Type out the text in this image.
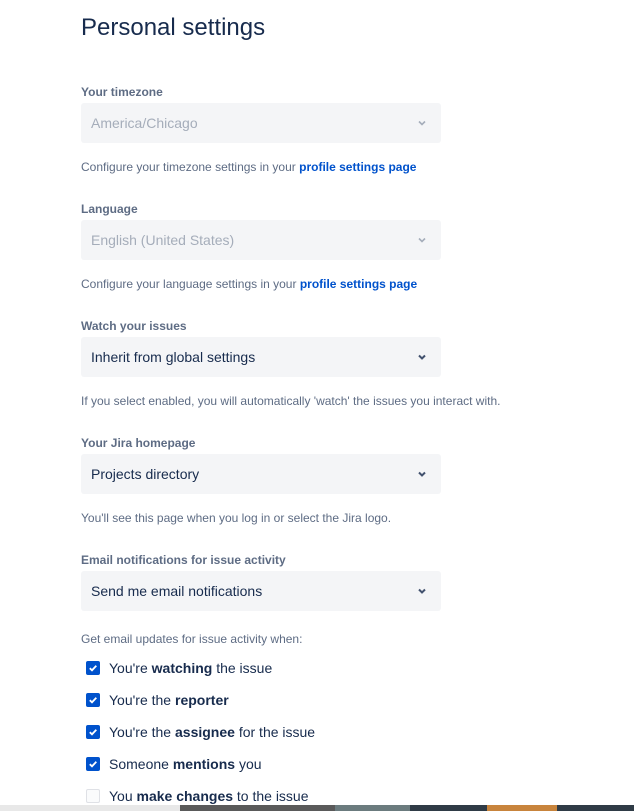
Personal settings
Your timezone
America/Chicago
Configure your timezone settings in your profile settings page
Language
English (United States)
Configure your language settings in your profile settings page
Watch your issues
Inherit from global settings
If you select enabled, you will automatically 'watch' the issues you interact with.
Your Jira homepage
Projects directory
You'll see this page when you log in or select the Jira logo.
Email notifications for issue activity
Send me email notifications
Get email updates for issue activity when:
You're watching the issue
You're the reporter
You're the assignee for the issue
Someone mentions you
You make changes to the issue
